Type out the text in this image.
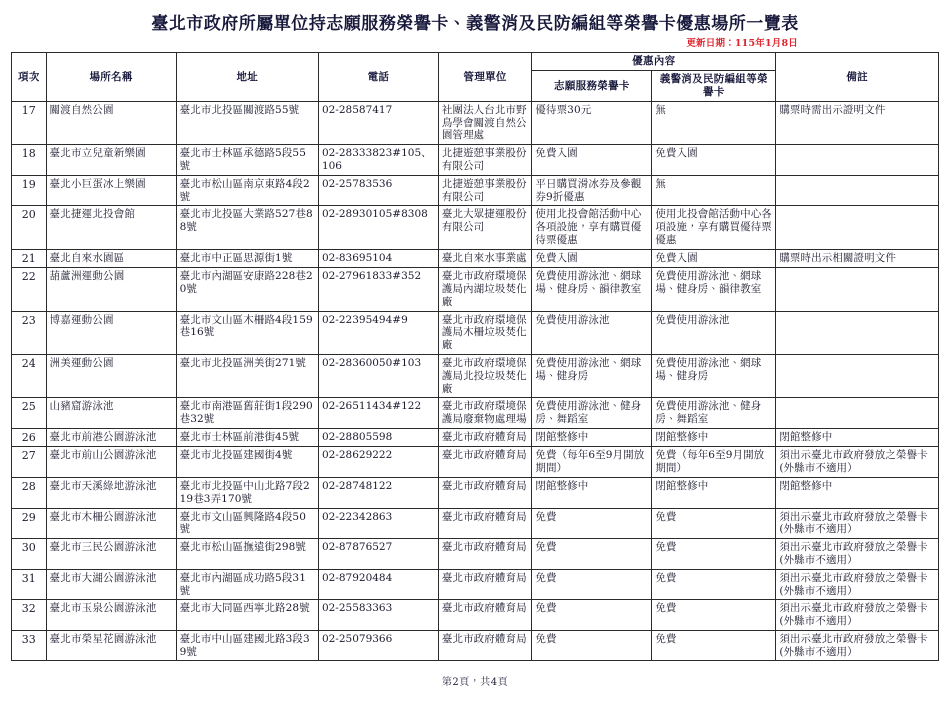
臺北市政府所屬單位持志願服務榮譽卡、義警消及民防編組等榮譽卡優惠場所一覽表
更新日期：115年1月8日
項次	場所名稱	地址	電話	管理單位	優惠內容		備註
					志願服務榮譽卡	義警消及民防編組等榮譽卡	
17	關渡自然公園	臺北市北投區關渡路55號	02-28587417	社團法人台北市野鳥學會關渡自然公園管理處	優待票30元	無	購票時需出示證明文件
18	臺北市立兒童新樂園	臺北市士林區承德路5段55號	02-28333823#105、106	北捷遊憩事業股份有限公司	免費入園	免費入園	
19	臺北小巨蛋冰上樂園	臺北市松山區南京東路4段2號	02-25783536	北捷遊憩事業股份有限公司	平日購買滑冰券及參觀券9折優惠	無	
20	臺北捷運北投會館	臺北市北投區大業路527巷88號	02-28930105#8308	臺北大眾捷運股份有限公司	使用北投會館活動中心各項設施，享有購買優待票優惠	使用北投會館活動中心各項設施，享有購買優待票優惠	
21	臺北自來水園區	臺北市中正區思源街1號	02-83695104	臺北自來水事業處	免費入園	免費入園	購票時出示相關證明文件
22	葫蘆洲運動公園	臺北市內湖區安康路228巷20號	02-27961833#352	臺北市政府環境保護局內湖垃圾焚化廠	免費使用游泳池、網球場、健身房、韻律教室	免費使用游泳池、網球場、健身房、韻律教室	
23	博嘉運動公園	臺北市文山區木柵路4段159巷16號	02-22395494#9	臺北市政府環境保護局木柵垃圾焚化廠	免費使用游泳池	免費使用游泳池	
24	洲美運動公園	臺北市北投區洲美街271號	02-28360050#103	臺北市政府環境保護局北投垃圾焚化廠	免費使用游泳池、網球場、健身房	免費使用游泳池、網球場、健身房	
25	山豬窟游泳池	臺北市南港區舊莊街1段290巷32號	02-26511434#122	臺北市政府環境保護局廢棄物處理場	免費使用游泳池、健身房、舞蹈室	免費使用游泳池、健身房、舞蹈室	
26	臺北市前港公園游泳池	臺北市士林區前港街45號	02-28805598	臺北市政府體育局	閉館整修中	閉館整修中	閉館整修中
27	臺北市前山公園游泳池	臺北市北投區建國街4號	02-28629222	臺北市政府體育局	免費（每年6至9月開放期間）	免費（每年6至9月開放期間）	須出示臺北市政府發放之榮譽卡(外縣市不適用）
28	臺北市天溪綠地游泳池	臺北市北投區中山北路7段219巷3弄170號	02-28748122	臺北市政府體育局	閉館整修中	閉館整修中	閉館整修中
29	臺北市木柵公園游泳池	臺北市文山區興隆路4段50號	02-22342863	臺北市政府體育局	免費	免費	須出示臺北市政府發放之榮譽卡(外縣市不適用）
30	臺北市三民公園游泳池	臺北市松山區撫遠街298號	02-87876527	臺北市政府體育局	免費	免費	須出示臺北市政府發放之榮譽卡(外縣市不適用）
31	臺北市大湖公園游泳池	臺北市內湖區成功路5段31號	02-87920484	臺北市政府體育局	免費	免費	須出示臺北市政府發放之榮譽卡(外縣市不適用）
32	臺北市玉泉公園游泳池	臺北市大同區西寧北路28號	02-25583363	臺北市政府體育局	免費	免費	須出示臺北市政府發放之榮譽卡(外縣市不適用）
33	臺北市榮星花園游泳池	臺北市中山區建國北路3段39號	02-25079366	臺北市政府體育局	免費	免費	須出示臺北市政府發放之榮譽卡(外縣市不適用）
第2頁，共4頁
